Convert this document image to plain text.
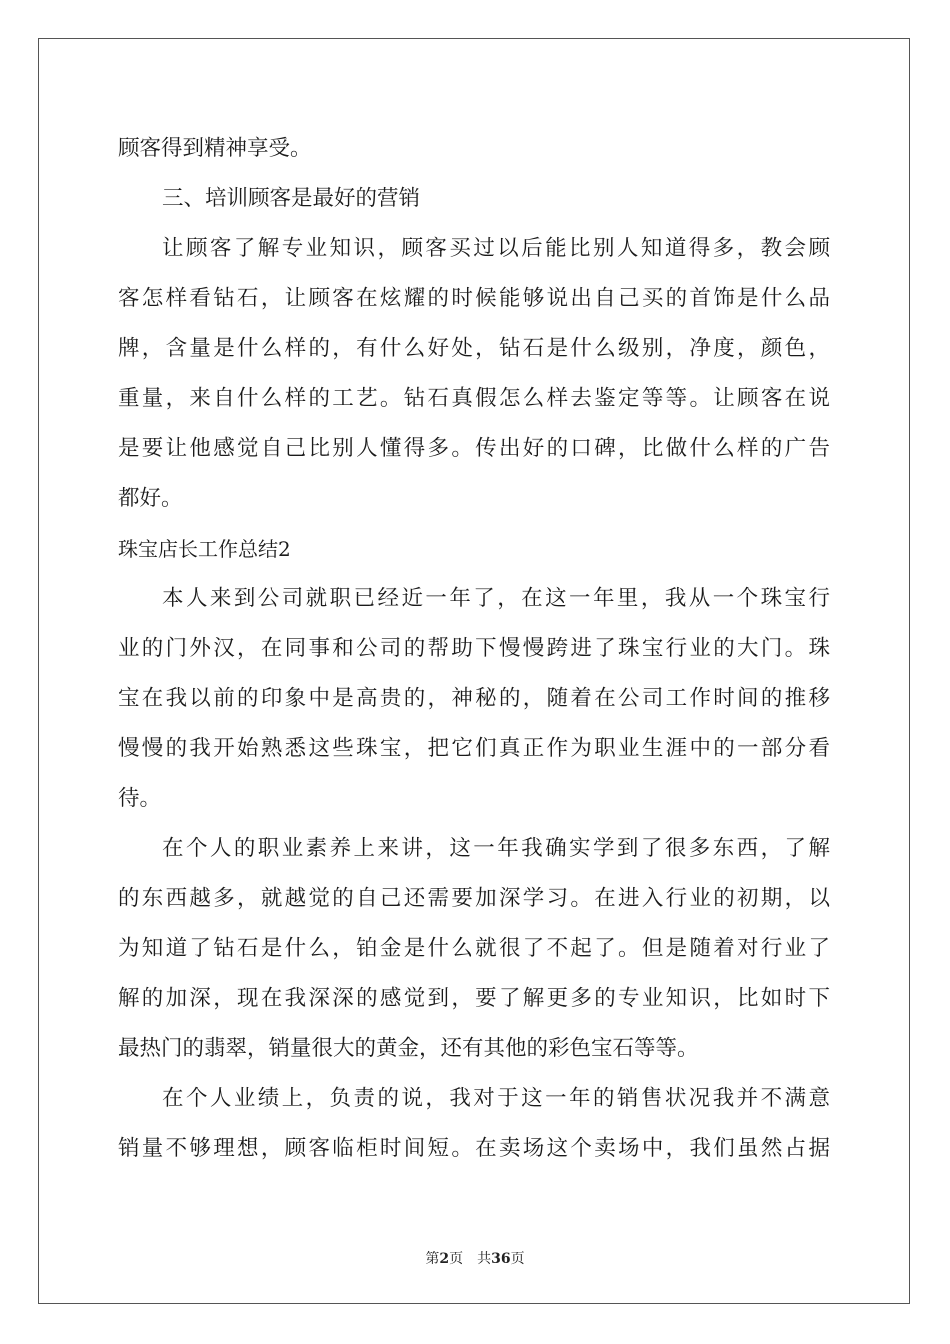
顾客得到精神享受。
三、培训顾客是最好的营销
让顾客了解专业知识，顾客买过以后能比别人知道得多，教会顾
客怎样看钻石，让顾客在炫耀的时候能够说出自己买的首饰是什么品
牌，含量是什么样的，有什么好处，钻石是什么级别，净度，颜色，
重量，来自什么样的工艺。钻石真假怎么样去鉴定等等。让顾客在说
是要让他感觉自己比别人懂得多。传出好的口碑，比做什么样的广告
都好。
珠宝店长工作总结2
本人来到公司就职已经近一年了，在这一年里，我从一个珠宝行
业的门外汉，在同事和公司的帮助下慢慢跨进了珠宝行业的大门。珠
宝在我以前的印象中是高贵的，神秘的，随着在公司工作时间的推移
慢慢的我开始熟悉这些珠宝，把它们真正作为职业生涯中的一部分看
待。
在个人的职业素养上来讲，这一年我确实学到了很多东西，了解
的东西越多，就越觉的自己还需要加深学习。在进入行业的初期，以
为知道了钻石是什么，铂金是什么就很了不起了。但是随着对行业了
解的加深，现在我深深的感觉到，要了解更多的专业知识，比如时下
最热门的翡翠，销量很大的黄金，还有其他的彩色宝石等等。
在个人业绩上，负责的说，我对于这一年的销售状况我并不满意
销量不够理想，顾客临柜时间短。在卖场这个卖场中，我们虽然占据
第2页 共36页
